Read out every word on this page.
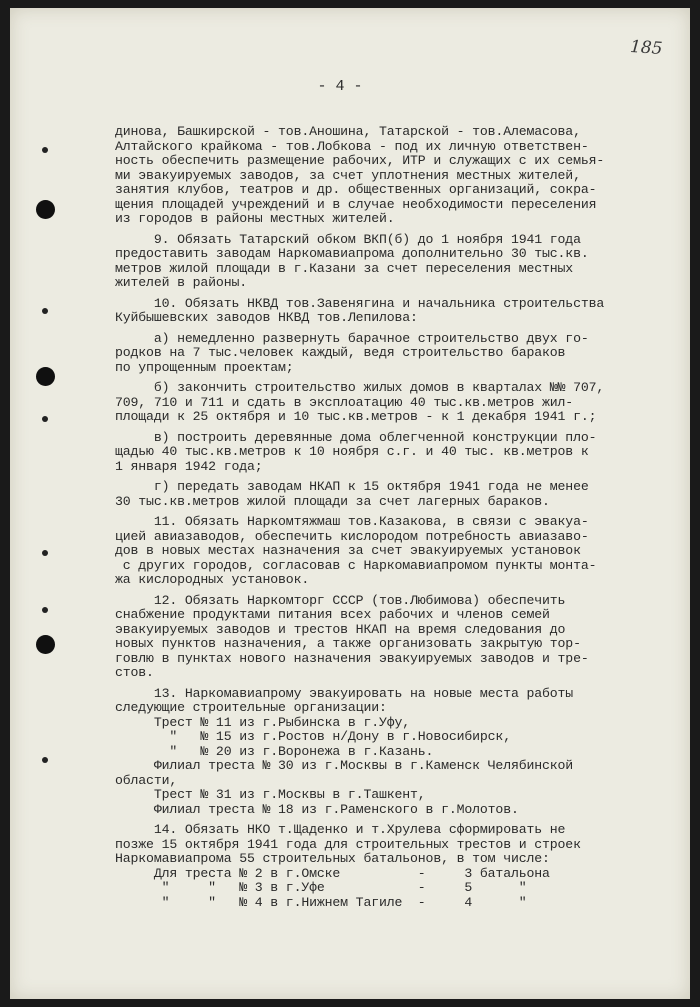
185
- 4 -
динова, Башкирской - тов.Аношина, Татарской - тов.Алемасова,
Алтайского крайкома - тов.Лобкова - под их личную ответствен-
ность обеспечить размещение рабочих, ИТР и служащих с их семья-
ми эвакуируемых заводов, за счет уплотнения местных жителей,
занятия клубов, театров и др. общественных организаций, сокра-
щения площадей учреждений и в случае необходимости переселения
из городов в районы местных жителей.
9. Обязать Татарский обком ВКП(б) до 1 ноября 1941 года
предоставить заводам Наркомавиапрома дополнительно 30 тыс.кв.
метров жилой площади в г.Казани за счет переселения местных
жителей в районы.
10. Обязать НКВД тов.Завенягина и начальника строительства
Куйбышевских заводов НКВД тов.Лепилова:
а) немедленно развернуть барачное строительство двух го-
родков на 7 тыс.человек каждый, ведя строительство бараков
по упрощенным проектам;
б) закончить строительство жилых домов в кварталах №№ 707,
709, 710 и 711 и сдать в эксплоатацию 40 тыс.кв.метров жил-
площади к 25 октября и 10 тыс.кв.метров - к 1 декабря 1941 г.;
в) построить деревянные дома облегченной конструкции пло-
щадью 40 тыс.кв.метров к 10 ноября с.г. и 40 тыс. кв.метров к
1 января 1942 года;
г) передать заводам НКАП к 15 октября 1941 года не менее
30 тыс.кв.метров жилой площади за счет лагерных бараков.
11. Обязать Наркомтяжмаш тов.Казакова, в связи с эвакуа-
цией авиазаводов, обеспечить кислородом потребность авиазаво-
дов в новых местах назначения за счет эвакуируемых установок
с других городов, согласовав с Наркомавиапромом пункты монта-
жа кислородных установок.
12. Обязать Наркомторг СССР (тов.Любимова) обеспечить
снабжение продуктами питания всех рабочих и членов семей
эвакуируемых заводов и трестов НКАП на время следования до
новых пунктов назначения, а также организовать закрытую тор-
говлю в пунктах нового назначения эвакуируемых заводов и тре-
стов.
13. Наркомавиапрому эвакуировать на новые места работы
следующие строительные организации:
Трест № 11 из г.Рыбинска в г.Уфу,
"   № 15 из г.Ростов н/Дону в г.Новосибирск,
"   № 20 из г.Воронежа в г.Казань.
Филиал треста № 30 из г.Москвы в г.Каменск Челябинской
области,
Трест № 31 из г.Москвы в г.Ташкент,
Филиал треста № 18 из г.Раменского в г.Молотов.
14. Обязать НКО т.Щаденко и т.Хрулева сформировать не
позже 15 октября 1941 года для строительных трестов и строек
Наркомавиапрома 55 строительных батальонов, в том числе:
Для треста № 2 в г.Омске          -     3 батальона
"     "   № 3 в г.Уфе            -     5      "
"     "   № 4 в г.Нижнем Тагиле  -     4      "
